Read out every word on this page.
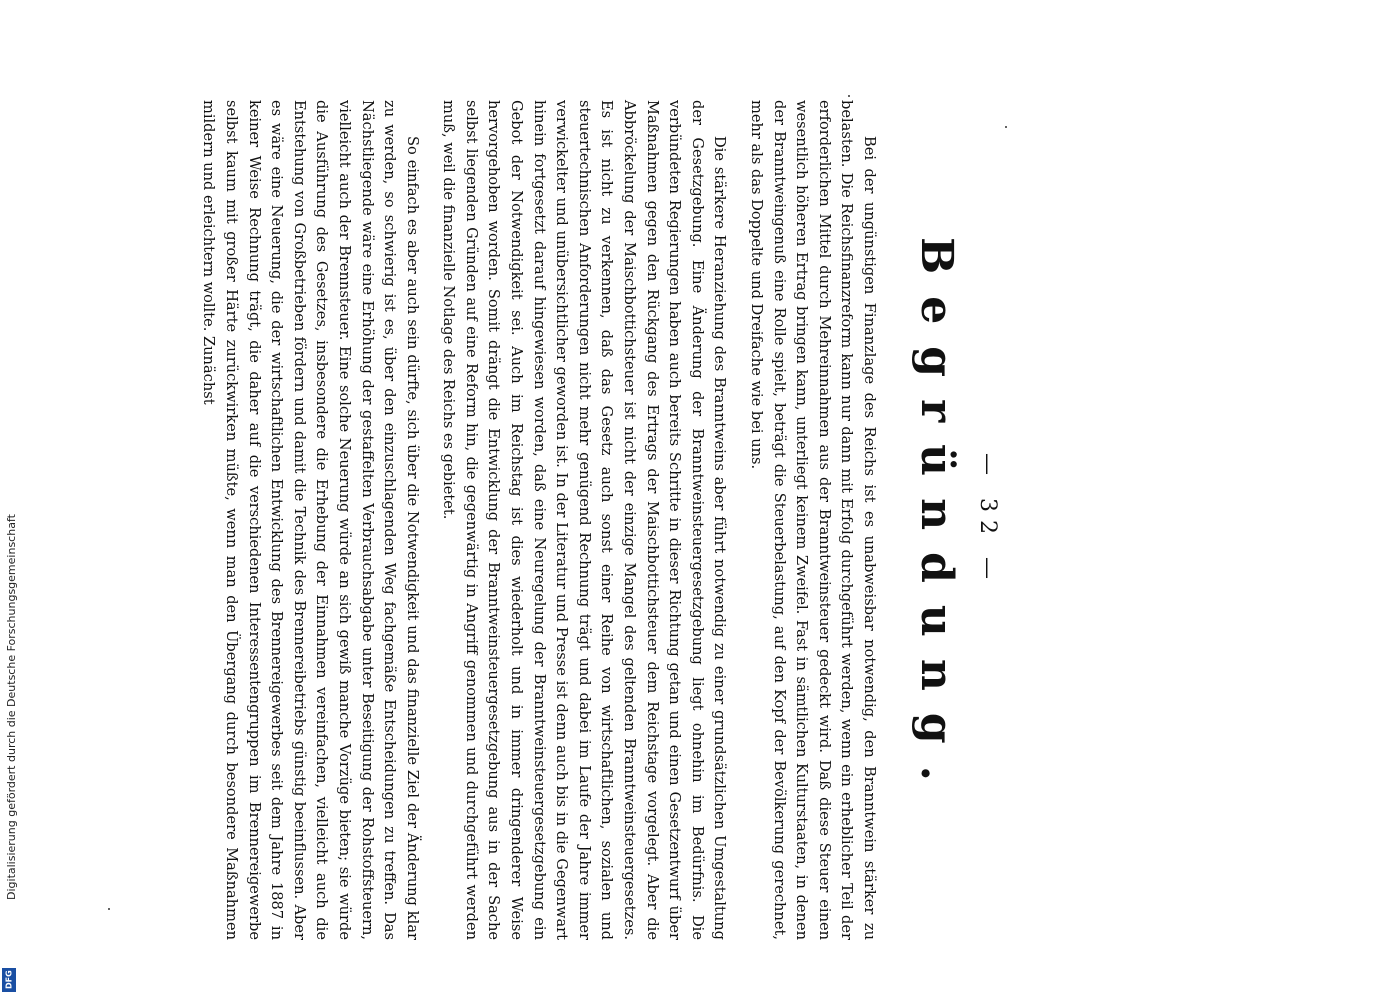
— 32 —
Begründung.

Bei der ungünstigen Finanzlage des Reichs ist es unabweisbar notwendig, den Branntwein stärker zu belasten. Die Reichsfinanzreform kann nur dann mit Erfolg durchgeführt werden, wenn ein erheblicher Teil der erforderlichen Mittel durch Mehreinnahmen aus der Branntweinsteuer gedeckt wird. Daß diese Steuer einen wesentlich höheren Ertrag bringen kann, unterliegt keinem Zweifel. Fast in sämtlichen Kulturstaaten, in denen der Branntweingenuß eine Rolle spielt, beträgt die Steuerbelastung, auf den Kopf der Bevölkerung gerechnet, mehr als das Doppelte und Dreifache wie bei uns.

Die stärkere Heranziehung des Branntweins aber führt notwendig zu einer grundsätzlichen Umgestaltung der Gesetzgebung. Eine Änderung der Branntweinsteuergesetzgebung liegt ohnehin im Bedürfnis. Die verbündeten Regierungen haben auch bereits Schritte in dieser Richtung getan und einen Gesetzentwurf über Maßnahmen gegen den Rückgang des Ertrags der Maischbottichsteuer dem Reichstage vorgelegt. Aber die Abbröckelung der Maischbottichsteuer ist nicht der einzige Mangel des geltenden Branntweinsteuergesetzes. Es ist nicht zu verkennen, daß das Gesetz auch sonst einer Reihe von wirtschaftlichen, sozialen und steuertechnischen Anforderungen nicht mehr genügend Rechnung trägt und dabei im Laufe der Jahre immer verwickelter und unübersichtlicher geworden ist. In der Literatur und Presse ist denn auch bis in die Gegenwart hinein fortgesetzt darauf hingewiesen worden, daß eine Neuregelung der Branntweinsteuergesetzgebung ein Gebot der Notwendigkeit sei. Auch im Reichstag ist dies wiederholt und in immer dringenderer Weise hervorgehoben worden. Somit drängt die Entwicklung der Branntweinsteuergesetzgebung aus in der Sache selbst liegenden Gründen auf eine Reform hin, die gegenwärtig in Angriff genommen und durchgeführt werden muß, weil die finanzielle Notlage des Reichs es gebietet.

So einfach es aber auch sein dürfte, sich über die Notwendigkeit und das finanzielle Ziel der Änderung klar zu werden, so schwierig ist es, über den einzuschlagenden Weg fachgemäße Entscheidungen zu treffen. Das Nächstliegende wäre eine Erhöhung der gestaffelten Verbrauchsabgabe unter Beseitigung der Rohstoffsteuern, vielleicht auch der Brennsteuer. Eine solche Neuerung würde an sich gewiß manche Vorzüge bieten; sie würde die Ausführung des Gesetzes, insbesondere die Erhebung der Einnahmen vereinfachen, vielleicht auch die Entstehung von Großbetrieben fördern und damit die Technik des Brennereibetriebs günstig beeinflussen. Aber es wäre eine Neuerung, die der wirtschaftlichen Entwicklung des Brennereigewerbes seit dem Jahre 1887 in keiner Weise Rechnung trägt, die daher auf die verschiedenen Interessentengruppen im Brennereigewerbe selbst kaum mit großer Härte zurückwirken müßte, wenn man den Übergang durch besondere Maßnahmen mildern und erleichtern wollte. Zunächst

Digitalisierung gefördert durch die Deutsche Forschungsgemeinschaft
DFG
